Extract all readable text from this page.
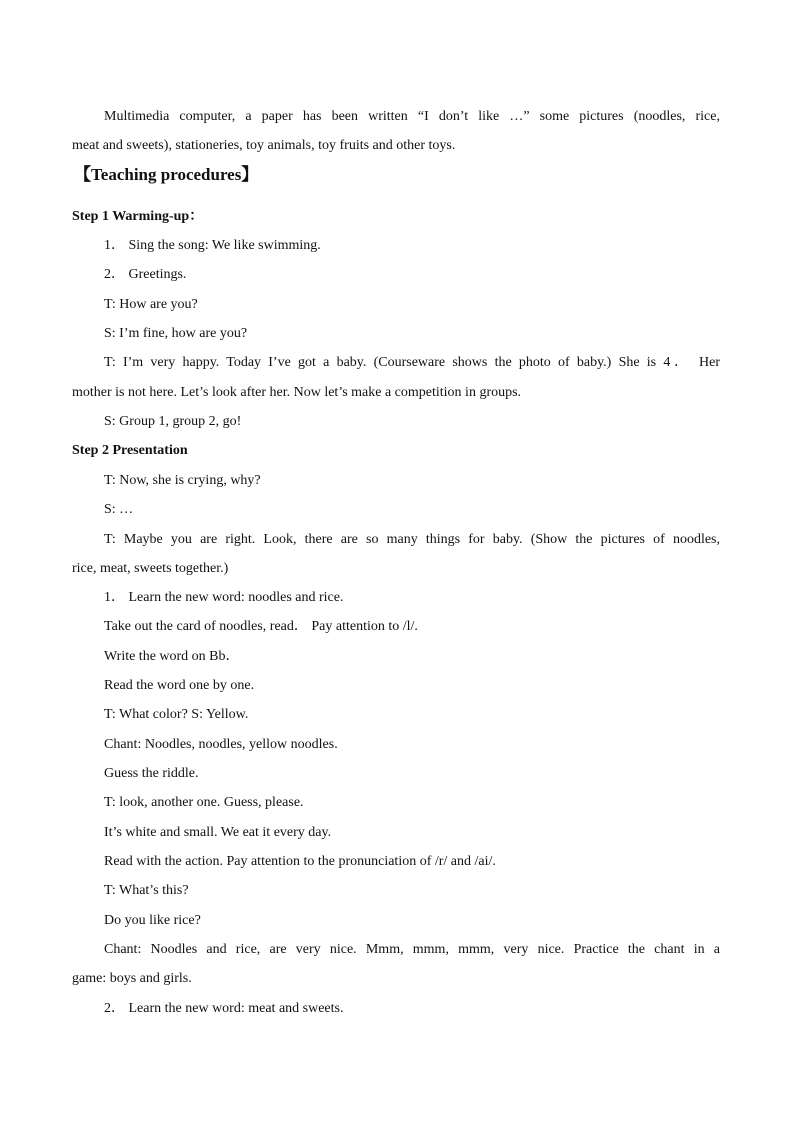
Multimedia computer, a paper has been written “I don’t like …” some pictures (noodles, rice,
meat and sweets), stationeries, toy animals, toy fruits and other toys.
【Teaching procedures】
Step 1 Warming-up：
1． Sing the song: We like swimming.
2． Greetings.
T: How are you?
S: I’m fine, how are you?
T: I’m very happy. Today I’ve got a baby. (Courseware shows the photo of baby.) She is 4． Her
mother is not here. Let’s look after her. Now let’s make a competition in groups.
S: Group 1, group 2, go!
Step 2 Presentation
T: Now, she is crying, why?
S: …
T: Maybe you are right. Look, there are so many things for baby. (Show the pictures of noodles,
rice, meat, sweets together.)
1． Learn the new word: noodles and rice.
Take out the card of noodles, read． Pay attention to /l/.
Write the word on Bb．
Read the word one by one.
T: What color? S: Yellow.
Chant: Noodles, noodles, yellow noodles.
Guess the riddle.
T: look, another one. Guess, please.
It’s white and small. We eat it every day.
Read with the action. Pay attention to the pronunciation of /r/ and /ai/.
T: What’s this?
Do you like rice?
Chant: Noodles and rice, are very nice. Mmm, mmm, mmm, very nice. Practice the chant in a
game: boys and girls.
2． Learn the new word: meat and sweets.
